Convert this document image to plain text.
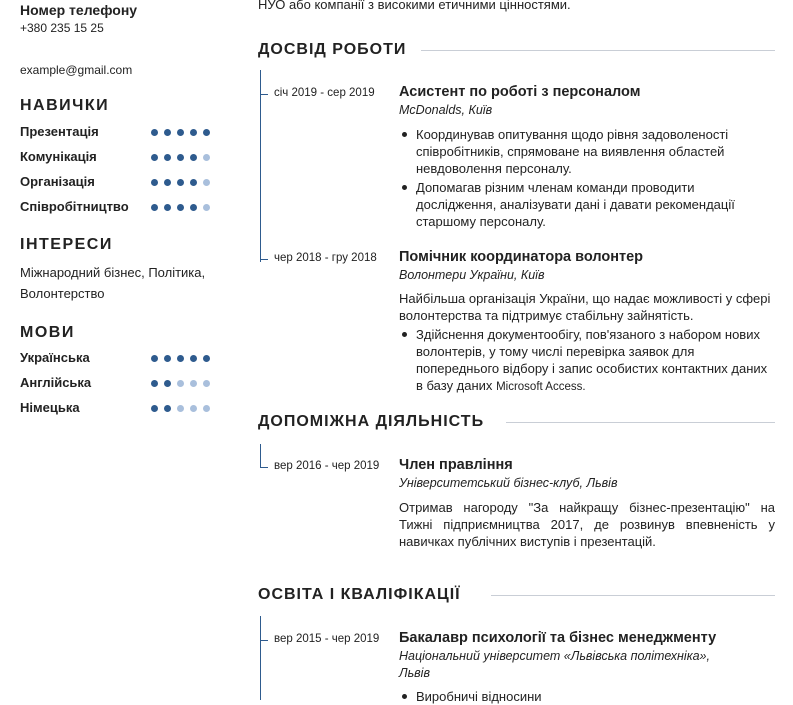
Номер телефону
+380 235 15 25
example@gmail.com
НАВИЧКИ
Презентація
Комунікація
Організація
Співробітництво
ІНТЕРЕСИ
Міжнародний бізнес, Політика, Волонтерство
МОВИ
Українська
Англійська
Німецька
НУО або компанії з високими етичними цінностями.
ДОСВІД РОБОТИ
січ 2019 - сер 2019 Асистент по роботі з персоналом
McDonalds, Київ
Координував опитування щодо рівня задоволеності співробітників, спрямоване на виявлення областей невдоволення персоналу.
Допомагав різним членам команди проводити дослідження, аналізувати дані і давати рекомендації старшому персоналу.
чер 2018 - гру 2018 Помічник координатора волонтер
Волонтери України, Київ
Найбільша організація України, що надає можливості у сфері волонтерства та підтримує стабільну зайнятість.
Здійснення документообігу, пов'язаного з набором нових волонтерів, у тому числі перевірка заявок для попереднього відбору і запис особистих контактних даних в базу даних Microsoft Access.
ДОПОМІЖНА ДІЯЛЬНІСТЬ
вер 2016 - чер 2019 Член правління
Університетський бізнес-клуб, Львів
Отримав нагороду "За найкращу бізнес-презентацію" на Тижні підприємництва 2017, де розвинув впевненість у навичках публічних виступів і презентацій.
ОСВІТА І КВАЛІФІКАЦІЇ
вер 2015 - чер 2019 Бакалавр психології та бізнес менеджменту
Національний університет «Львівська політехніка»,
Львів
Виробничі відносини
